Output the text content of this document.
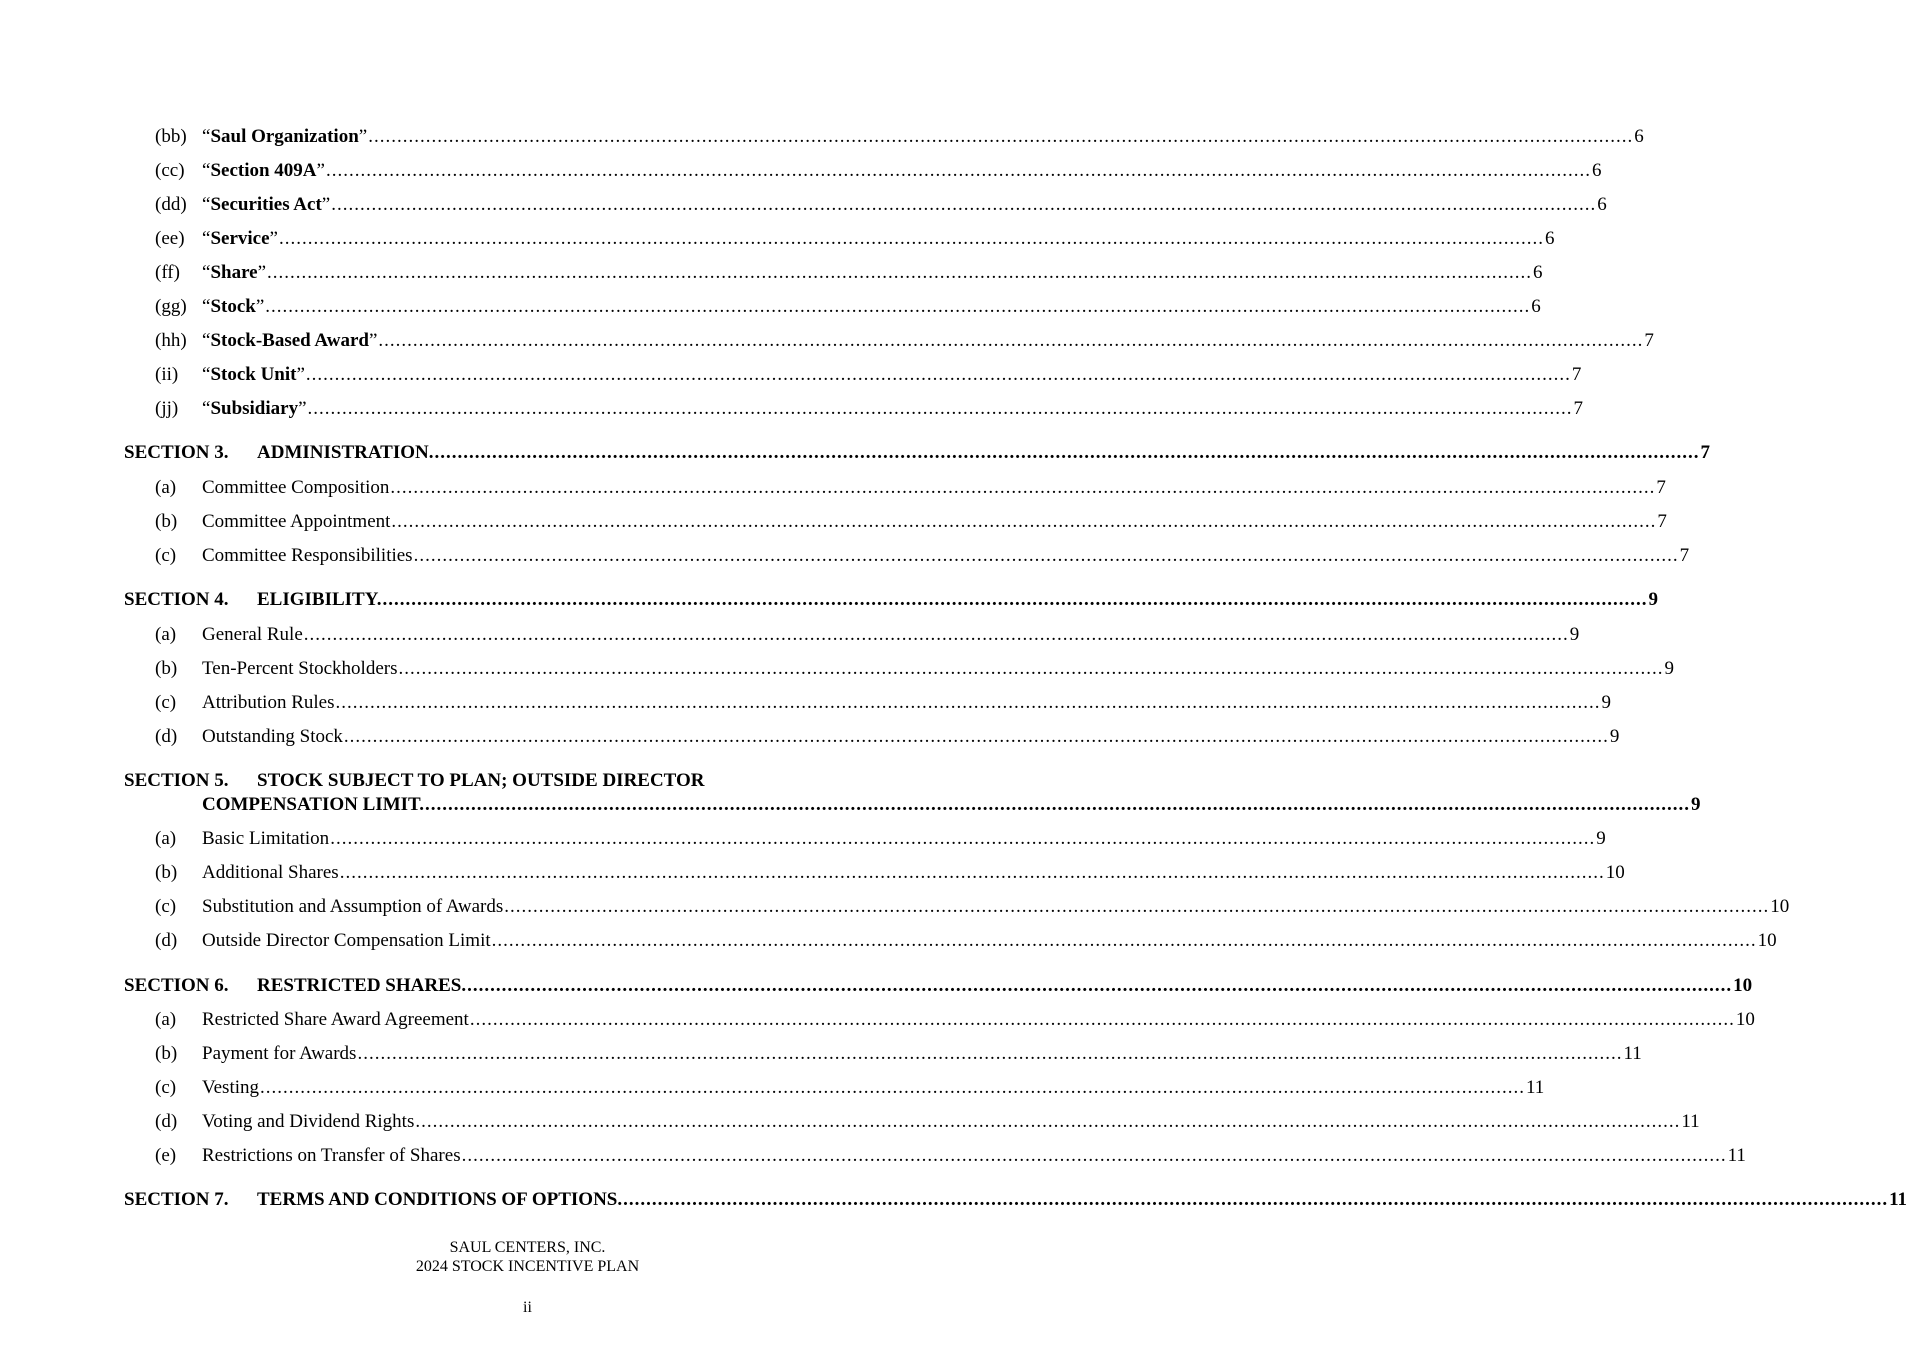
(bb) “Saul Organization” ............................................................................................................................................................................................................................ 6
(cc) “Section 409A” ............................................................................................................................................................................................................................ 6
(dd) “Securities Act” ............................................................................................................................................................................................................................ 6
(ee) “Service” ............................................................................................................................................................................................................................ 6
(ff) “Share” ............................................................................................................................................................................................................................ 6
(gg) “Stock” ............................................................................................................................................................................................................................ 6
(hh) “Stock-Based Award” ............................................................................................................................................................................................................................ 7
(ii) “Stock Unit” ............................................................................................................................................................................................................................ 7
(jj) “Subsidiary” ............................................................................................................................................................................................................................ 7
SECTION 3. ADMINISTRATION. ............................................................................................................................................................................................................................ 7
(a) Committee Composition ............................................................................................................................................................................................................................ 7
(b) Committee Appointment ............................................................................................................................................................................................................................ 7
(c) Committee Responsibilities ............................................................................................................................................................................................................................ 7
SECTION 4. ELIGIBILITY. ............................................................................................................................................................................................................................ 9
(a) General Rule ............................................................................................................................................................................................................................ 9
(b) Ten-Percent Stockholders ............................................................................................................................................................................................................................ 9
(c) Attribution Rules ............................................................................................................................................................................................................................ 9
(d) Outstanding Stock ............................................................................................................................................................................................................................ 9
SECTION 5. STOCK SUBJECT TO PLAN; OUTSIDE DIRECTOR
COMPENSATION LIMIT. ............................................................................................................................................................................................................................ 9
(a) Basic Limitation ............................................................................................................................................................................................................................ 9
(b) Additional Shares ............................................................................................................................................................................................................................ 10
(c) Substitution and Assumption of Awards ............................................................................................................................................................................................................................ 10
(d) Outside Director Compensation Limit ............................................................................................................................................................................................................................ 10
SECTION 6. RESTRICTED SHARES. ............................................................................................................................................................................................................................ 10
(a) Restricted Share Award Agreement ............................................................................................................................................................................................................................ 10
(b) Payment for Awards ............................................................................................................................................................................................................................ 11
(c) Vesting ............................................................................................................................................................................................................................ 11
(d) Voting and Dividend Rights ............................................................................................................................................................................................................................ 11
(e) Restrictions on Transfer of Shares ............................................................................................................................................................................................................................ 11
SECTION 7. TERMS AND CONDITIONS OF OPTIONS. ............................................................................................................................................................................................................................ 11
SAUL CENTERS, INC.
2024 STOCK INCENTIVE PLAN
ii
